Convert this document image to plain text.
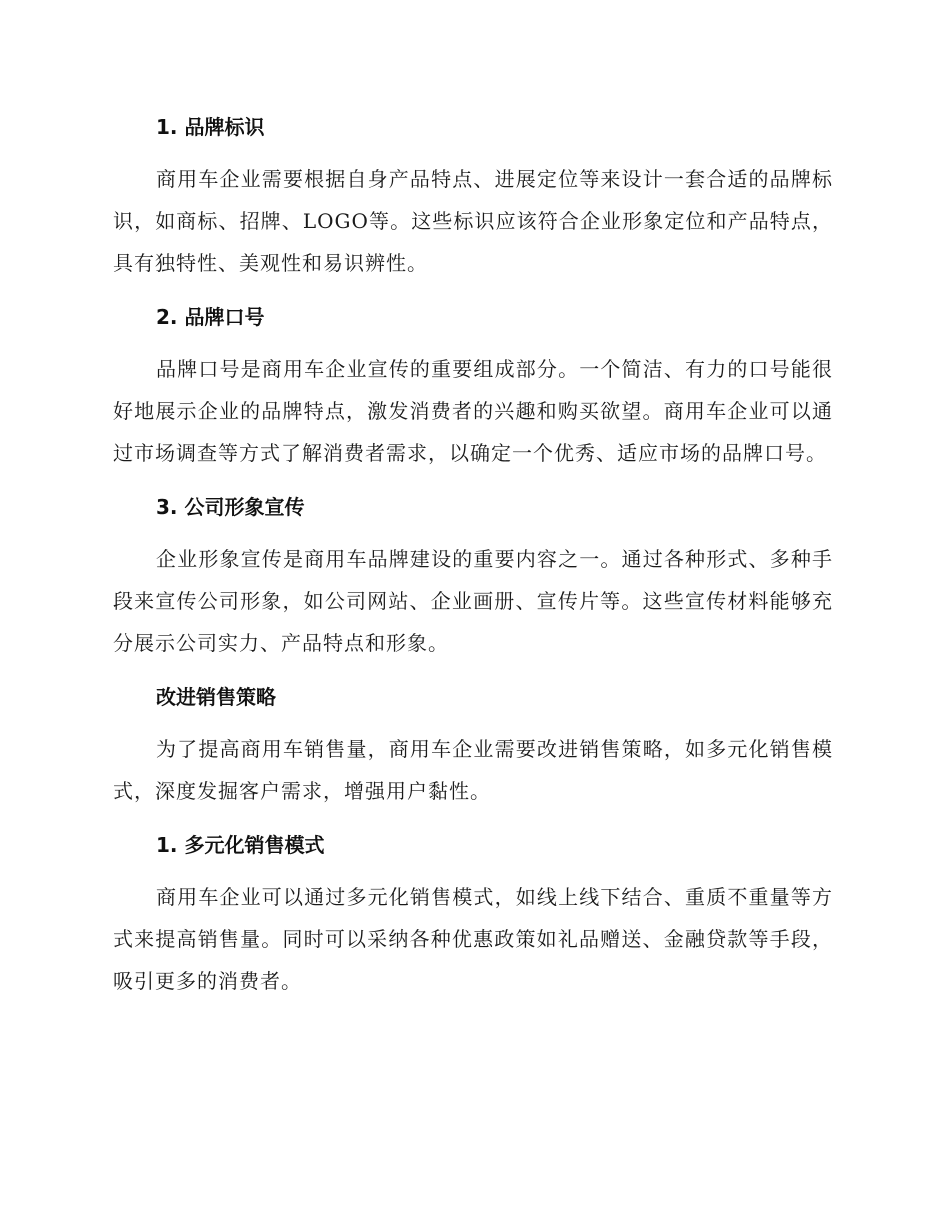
1. 品牌标识

商用车企业需要根据自身产品特点、进展定位等来设计一套合适的品牌标识，如商标、招牌、LOGO等。这些标识应该符合企业形象定位和产品特点，具有独特性、美观性和易识辨性。

2. 品牌口号

品牌口号是商用车企业宣传的重要组成部分。一个简洁、有力的口号能很好地展示企业的品牌特点，激发消费者的兴趣和购买欲望。商用车企业可以通过市场调查等方式了解消费者需求，以确定一个优秀、适应市场的品牌口号。

3. 公司形象宣传

企业形象宣传是商用车品牌建设的重要内容之一。通过各种形式、多种手段来宣传公司形象，如公司网站、企业画册、宣传片等。这些宣传材料能够充分展示公司实力、产品特点和形象。

改进销售策略

为了提高商用车销售量，商用车企业需要改进销售策略，如多元化销售模式，深度发掘客户需求，增强用户黏性。

1. 多元化销售模式

商用车企业可以通过多元化销售模式，如线上线下结合、重质不重量等方式来提高销售量。同时可以采纳各种优惠政策如礼品赠送、金融贷款等手段，吸引更多的消费者。
